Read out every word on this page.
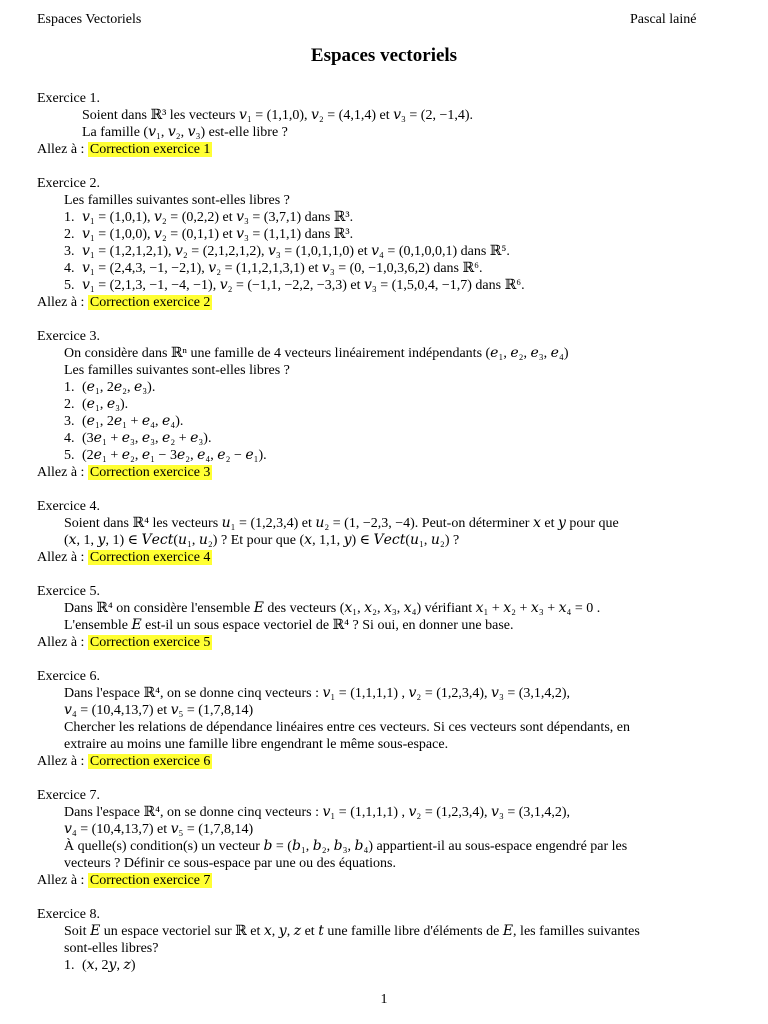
Espaces Vectoriels	Pascal lainé
Espaces vectoriels
Exercice 1.
Soient dans ℝ³ les vecteurs 𝑣₁ = (1,1,0), 𝑣₂ = (4,1,4) et 𝑣₃ = (2, −1,4).
La famille (𝑣₁, 𝑣₂, 𝑣₃) est-elle libre ?
Allez à : Correction exercice 1
Exercice 2.
Les familles suivantes sont-elles libres ?
1. 𝑣₁ = (1,0,1), 𝑣₂ = (0,2,2) et 𝑣₃ = (3,7,1) dans ℝ³.
2. 𝑣₁ = (1,0,0), 𝑣₂ = (0,1,1) et 𝑣₃ = (1,1,1) dans ℝ³.
3. 𝑣₁ = (1,2,1,2,1), 𝑣₂ = (2,1,2,1,2), 𝑣₃ = (1,0,1,1,0) et 𝑣₄ = (0,1,0,0,1) dans ℝ⁵.
4. 𝑣₁ = (2,4,3, −1, −2,1), 𝑣₂ = (1,1,2,1,3,1) et 𝑣₃ = (0, −1,0,3,6,2) dans ℝ⁶.
5. 𝑣₁ = (2,1,3, −1, −4, −1), 𝑣₂ = (−1,1, −2,2, −3,3) et 𝑣₃ = (1,5,0,4, −1,7) dans ℝ⁶.
Allez à : Correction exercice 2
Exercice 3.
On considère dans ℝⁿ une famille de 4 vecteurs linéairement indépendants (𝑒₁, 𝑒₂, 𝑒₃, 𝑒₄)
Les familles suivantes sont-elles libres ?
1. (𝑒₁, 2𝑒₂, 𝑒₃).
2. (𝑒₁, 𝑒₃).
3. (𝑒₁, 2𝑒₁ + 𝑒₄, 𝑒₄).
4. (3𝑒₁ + 𝑒₃, 𝑒₃, 𝑒₂ + 𝑒₃).
5. (2𝑒₁ + 𝑒₂, 𝑒₁ − 3𝑒₂, 𝑒₄, 𝑒₂ − 𝑒₁).
Allez à : Correction exercice 3
Exercice 4.
Soient dans ℝ⁴ les vecteurs 𝑢₁ = (1,2,3,4) et 𝑢₂ = (1, −2,3, −4). Peut-on déterminer 𝑥 et 𝑦 pour que
(𝑥, 1, 𝑦, 1) ∈ 𝑉𝑒𝑐𝑡(𝑢₁, 𝑢₂) ? Et pour que (𝑥, 1,1, 𝑦) ∈ 𝑉𝑒𝑐𝑡(𝑢₁, 𝑢₂) ?
Allez à : Correction exercice 4
Exercice 5.
Dans ℝ⁴ on considère l'ensemble 𝐸 des vecteurs (𝑥₁, 𝑥₂, 𝑥₃, 𝑥₄) vérifiant 𝑥₁ + 𝑥₂ + 𝑥₃ + 𝑥₄ = 0 .
L'ensemble 𝐸 est-il un sous espace vectoriel de ℝ⁴ ? Si oui, en donner une base.
Allez à : Correction exercice 5
Exercice 6.
Dans l'espace ℝ⁴, on se donne cinq vecteurs : 𝑣₁ = (1,1,1,1) , 𝑣₂ = (1,2,3,4), 𝑣₃ = (3,1,4,2),
𝑣₄ = (10,4,13,7) et 𝑣₅ = (1,7,8,14)
Chercher les relations de dépendance linéaires entre ces vecteurs. Si ces vecteurs sont dépendants, en
extraire au moins une famille libre engendrant le même sous-espace.
Allez à : Correction exercice 6
Exercice 7.
Dans l'espace ℝ⁴, on se donne cinq vecteurs : 𝑣₁ = (1,1,1,1) , 𝑣₂ = (1,2,3,4), 𝑣₃ = (3,1,4,2),
𝑣₄ = (10,4,13,7) et 𝑣₅ = (1,7,8,14)
À quelle(s) condition(s) un vecteur 𝑏 = (𝑏₁, 𝑏₂, 𝑏₃, 𝑏₄) appartient-il au sous-espace engendré par les
vecteurs ? Définir ce sous-espace par une ou des équations.
Allez à : Correction exercice 7
Exercice 8.
Soit 𝐸 un espace vectoriel sur ℝ et 𝑥, 𝑦, 𝑧 et 𝑡 une famille libre d'éléments de 𝐸, les familles suivantes
sont-elles libres?
1. (𝑥, 2𝑦, 𝑧)
1
